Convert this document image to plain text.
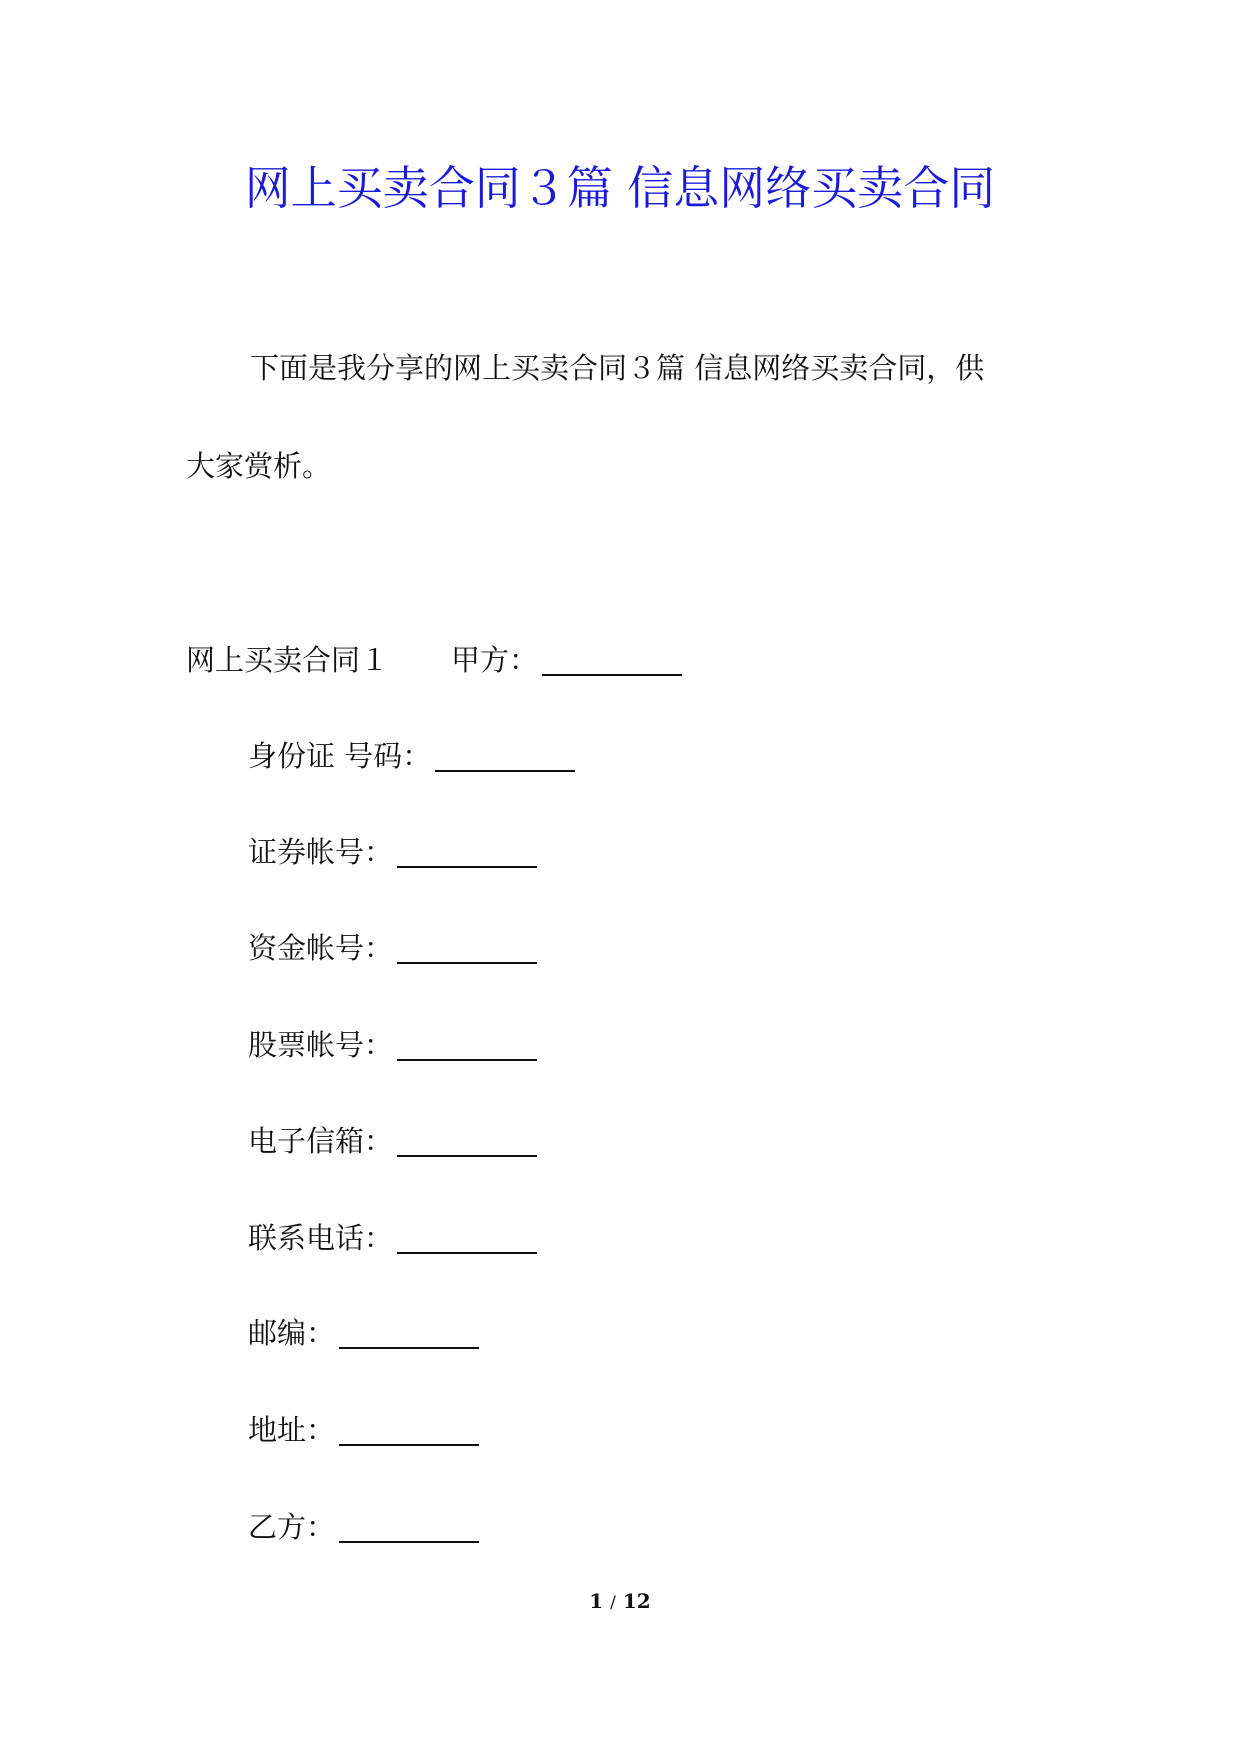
网上买卖合同３篇 信息网络买卖合同
下面是我分享的网上买卖合同３篇 信息网络买卖合同，供
大家赏析。
网上买卖合同１ 甲方：
身份证 号码：
证券帐号：
资金帐号：
股票帐号：
电子信箱：
联系电话：
邮编：
地址：
乙方：
1 / 12
